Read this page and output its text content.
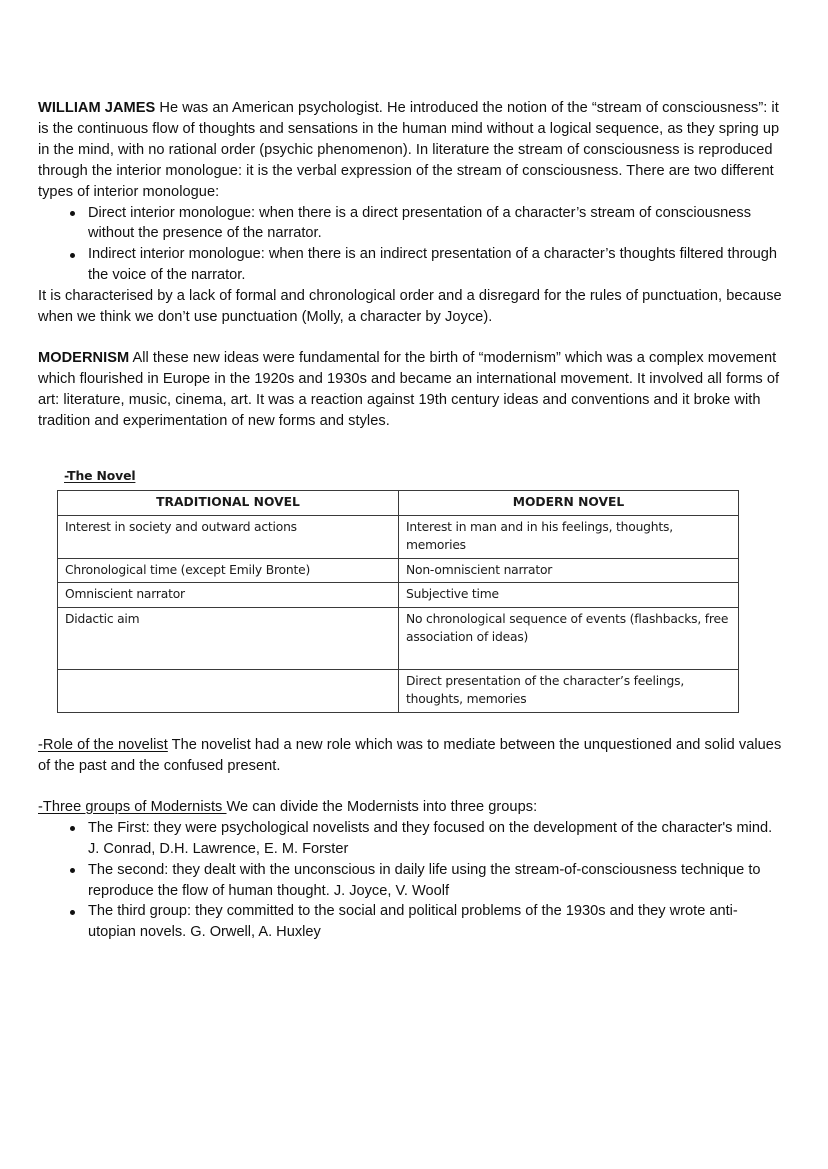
WILLIAM JAMES He was an American psychologist. He introduced the notion of the “stream of consciousness”: it is the continuous flow of thoughts and sensations in the human mind without a logical sequence, as they spring up in the mind, with no rational order (psychic phenomenon). In literature the stream of consciousness is reproduced through the interior monologue: it is the verbal expression of the stream of consciousness. There are two different types of interior monologue:

Direct interior monologue: when there is a direct presentation of a character’s stream of consciousness without the presence of the narrator.
Indirect interior monologue: when there is an indirect presentation of a character’s thoughts filtered through the voice of the narrator.

It is characterised by a lack of formal and chronological order and a disregard for the rules of punctuation, because when we think we don’t use punctuation (Molly, a character by Joyce).

MODERNISM All these new ideas were fundamental for the birth of “modernism” which was a complex movement which flourished in Europe in the 1920s and 1930s and became an international movement. It involved all forms of art: literature, music, cinema, art. It was a reaction against 19th century ideas and conventions and it broke with tradition and experimentation of new forms and styles.

-The Novel
TRADITIONAL NOVEL	MODERN NOVEL
Interest in society and outward actions	Interest in man and in his feelings, thoughts, memories
Chronological time (except Emily Bronte)	Non-omniscient narrator
Omniscient narrator	Subjective time
Didactic aim	No chronological sequence of events (flashbacks, free association of ideas)
	Direct presentation of the character’s feelings, thoughts, memories

-Role of the novelist The novelist had a new role which was to mediate between the unquestioned and solid values of the past and the confused present.

-Three groups of Modernists We can divide the Modernists into three groups:

The First: they were psychological novelists and they focused on the development of the character's mind. J. Conrad, D.H. Lawrence, E. M. Forster
The second: they dealt with the unconscious in daily life using the stream-of-consciousness technique to reproduce the flow of human thought. J. Joyce, V. Woolf
The third group: they committed to the social and political problems of the 1930s and they wrote anti-utopian novels. G. Orwell, A. Huxley
